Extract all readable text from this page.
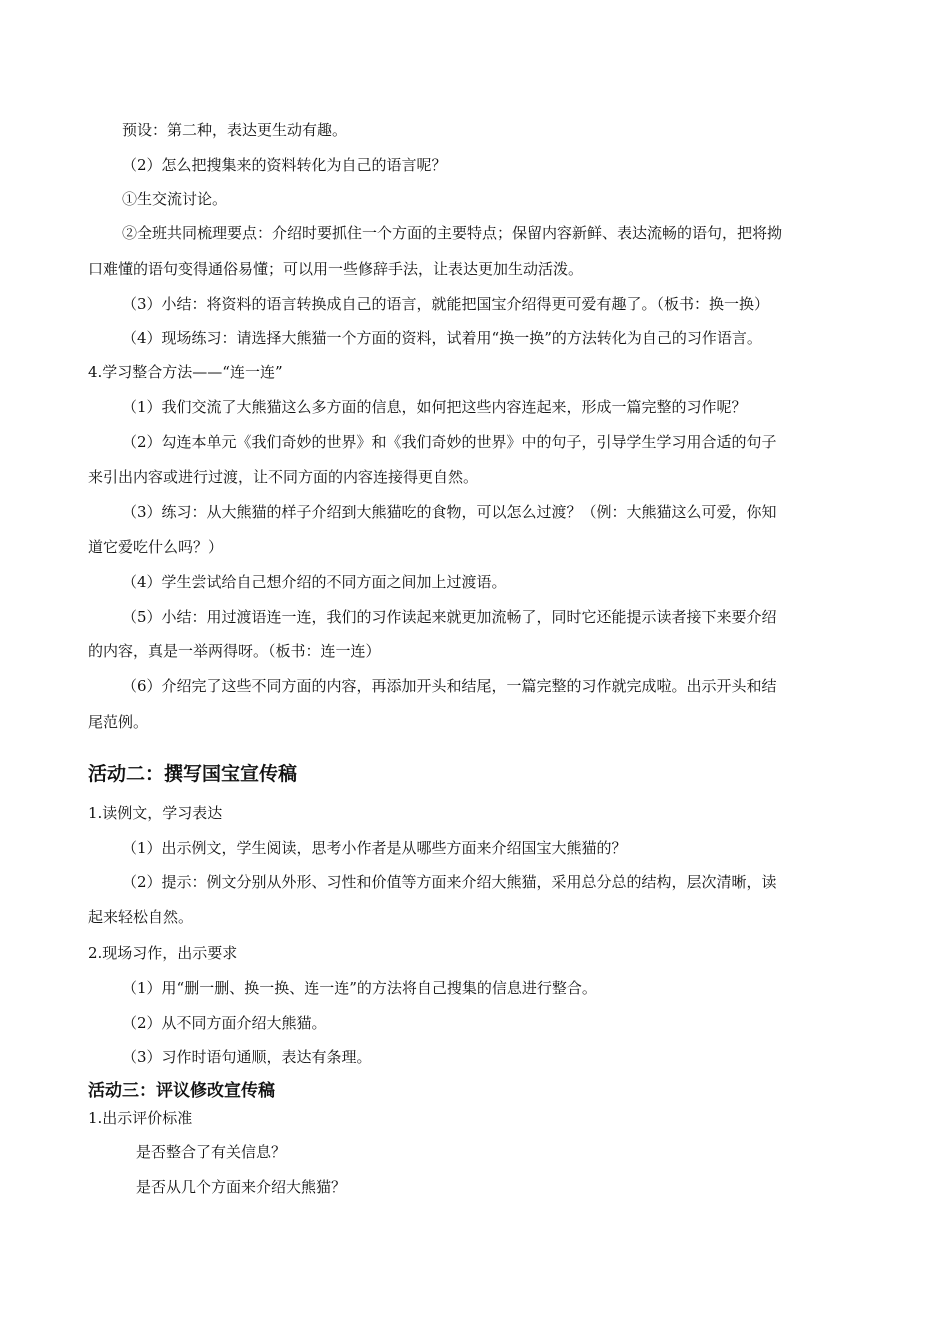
预设：第二种，表达更生动有趣。
（2）怎么把搜集来的资料转化为自己的语言呢？
①生交流讨论。
②全班共同梳理要点：介绍时要抓住一个方面的主要特点；保留内容新鲜、表达流畅的语句，把将拗
口难懂的语句变得通俗易懂；可以用一些修辞手法，让表达更加生动活泼。
（3）小结：将资料的语言转换成自己的语言，就能把国宝介绍得更可爱有趣了。（板书：换一换）
（4）现场练习：请选择大熊猫一个方面的资料，试着用“换一换”的方法转化为自己的习作语言。
4.学习整合方法——“连一连”
（1）我们交流了大熊猫这么多方面的信息，如何把这些内容连起来，形成一篇完整的习作呢？
（2）勾连本单元《我们奇妙的世界》和《我们奇妙的世界》中的句子，引导学生学习用合适的句子
来引出内容或进行过渡，让不同方面的内容连接得更自然。
（3）练习：从大熊猫的样子介绍到大熊猫吃的食物，可以怎么过渡？（例：大熊猫这么可爱，你知
道它爱吃什么吗？）
（4）学生尝试给自己想介绍的不同方面之间加上过渡语。
（5）小结：用过渡语连一连，我们的习作读起来就更加流畅了，同时它还能提示读者接下来要介绍
的内容，真是一举两得呀。（板书：连一连）
（6）介绍完了这些不同方面的内容，再添加开头和结尾，一篇完整的习作就完成啦。出示开头和结
尾范例。
活动二：撰写国宝宣传稿
1.读例文，学习表达
（1）出示例文，学生阅读，思考小作者是从哪些方面来介绍国宝大熊猫的？
（2）提示：例文分别从外形、习性和价值等方面来介绍大熊猫，采用总分总的结构，层次清晰，读
起来轻松自然。
2.现场习作，出示要求
（1）用“删一删、换一换、连一连”的方法将自己搜集的信息进行整合。
（2）从不同方面介绍大熊猫。
（3）习作时语句通顺，表达有条理。
活动三：评议修改宣传稿
1.出示评价标准
是否整合了有关信息？
是否从几个方面来介绍大熊猫？
